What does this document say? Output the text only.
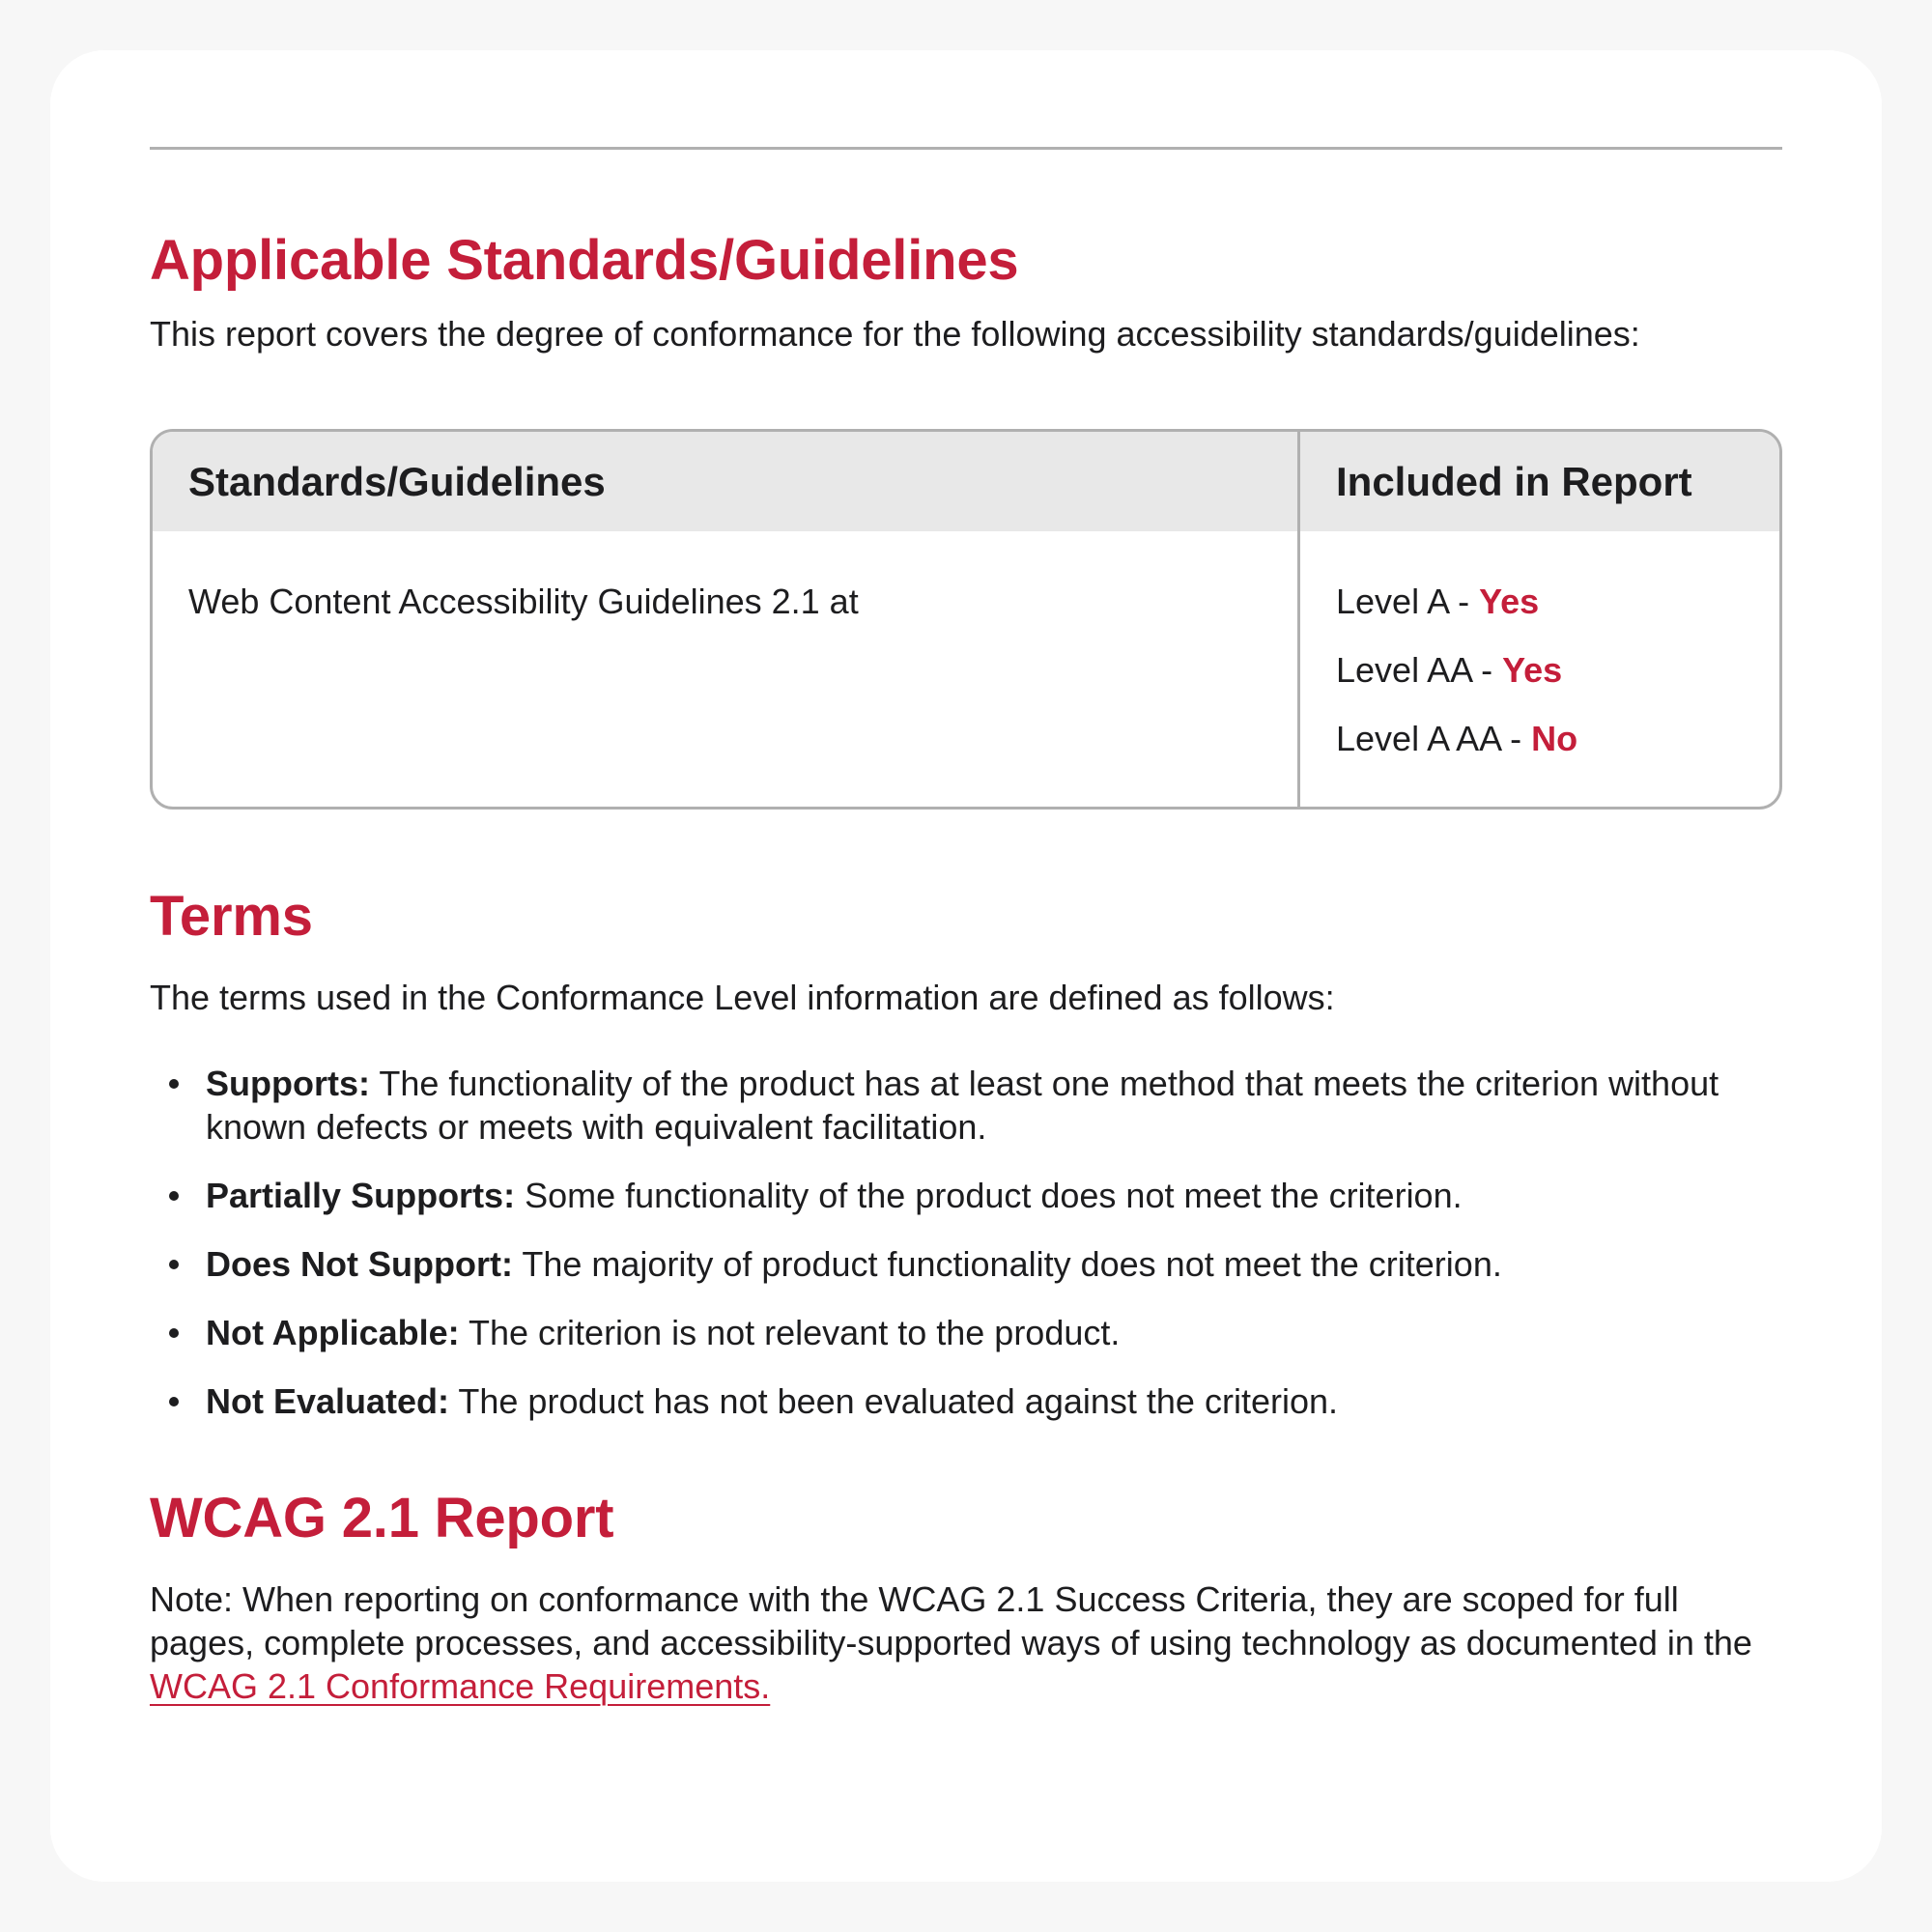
Applicable Standards/Guidelines

This report covers the degree of conformance for the following accessibility standards/guidelines:

Standards/Guidelines	Included in Report
Web Content Accessibility Guidelines 2.1 at	Level A - Yes
Level AA - Yes
Level A AA - No
Terms

The terms used in the Conformance Level information are defined as follows:

Supports: The functionality of the product has at least one method that meets the criterion without known defects or meets with equivalent facilitation.
Partially Supports: Some functionality of the product does not meet the criterion.
Does Not Support: The majority of product functionality does not meet the criterion.
Not Applicable: The criterion is not relevant to the product.
Not Evaluated: The product has not been evaluated against the criterion.
WCAG 2.1 Report

Note: When reporting on conformance with the WCAG 2.1 Success Criteria, they are scoped for full pages, complete processes, and accessibility-supported ways of using technology as documented in the WCAG 2.1 Conformance Requirements.
